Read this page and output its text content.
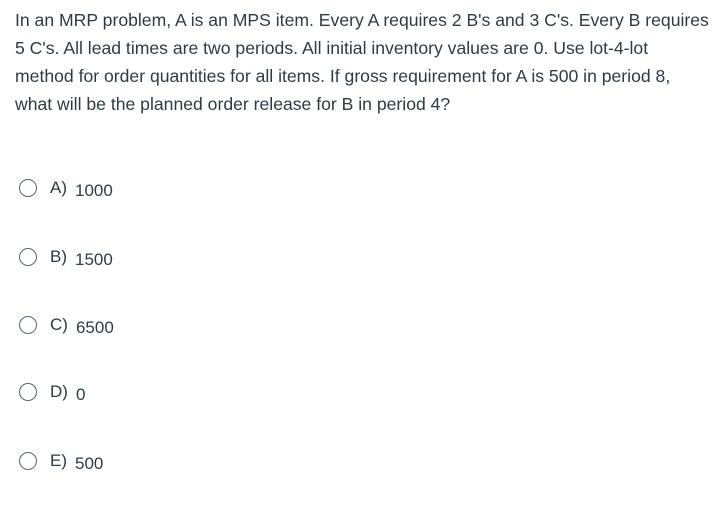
In an MRP problem, A is an MPS item. Every A requires 2 B's and 3 C's. Every B requires 5 C's. All lead times are two periods. All initial inventory values are 0. Use lot-4-lot method for order quantities for all items. If gross requirement for A is 500 in period 8, what will be the planned order release for B in period 4?
A) 1000
B) 1500
C) 6500
D) 0
E) 500
